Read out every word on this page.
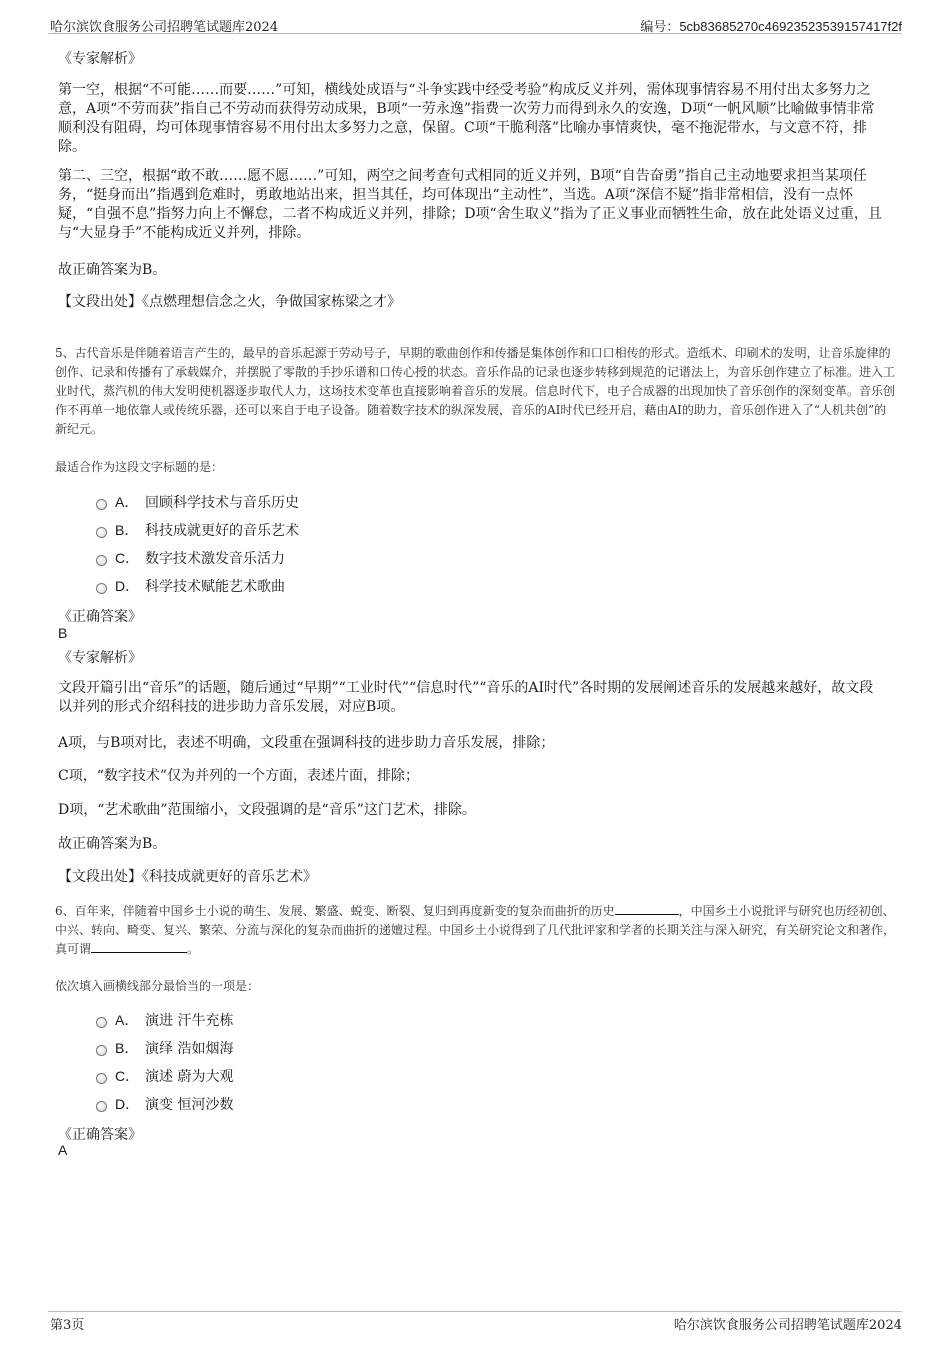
哈尔滨饮食服务公司招聘笔试题库2024	编号：5cb83685270c46923523539157417f2f
《专家解析》
第一空，根据“不可能……而要……”可知，横线处成语与“斗争实践中经受考验”构成反义并列，需体现事情容易不用付出太多努力之意，A项“不劳而获”指自己不劳动而获得劳动成果，B项“一劳永逸”指费一次劳力而得到永久的安逸，D项“一帆风顺”比喻做事情非常顺利没有阻碍，均可体现事情容易不用付出太多努力之意，保留。C项“干脆利落”比喻办事情爽快，毫不拖泥带水，与文意不符，排除。
第二、三空，根据“敢不敢……愿不愿……”可知，两空之间考查句式相同的近义并列，B项“自告奋勇”指自己主动地要求担当某项任务，“挺身而出”指遇到危难时，勇敢地站出来，担当其任，均可体现出“主动性”，当选。A项“深信不疑”指非常相信，没有一点怀疑，“自强不息”指努力向上不懈怠，二者不构成近义并列，排除；D项“舍生取义”指为了正义事业而牺牲生命，放在此处语义过重，且与“大显身手”不能构成近义并列，排除。
故正确答案为B。
【文段出处】《点燃理想信念之火，争做国家栋梁之才》
5、古代音乐是伴随着语言产生的，最早的音乐起源于劳动号子，早期的歌曲创作和传播是集体创作和口口相传的形式。造纸术、印刷术的发明，让音乐旋律的创作、记录和传播有了承载媒介，并摆脱了零散的手抄乐谱和口传心授的状态。音乐作品的记录也逐步转移到规范的记谱法上，为音乐创作建立了标准。进入工业时代，蒸汽机的伟大发明使机器逐步取代人力，这场技术变革也直接影响着音乐的发展。信息时代下，电子合成器的出现加快了音乐创作的深刻变革。音乐创作不再单一地依靠人或传统乐器，还可以来自于电子设备。随着数字技术的纵深发展，音乐的AI时代已经开启，藉由AI的助力，音乐创作进入了“人机共创”的新纪元。
最适合作为这段文字标题的是：
A． 回顾科学技术与音乐历史
B． 科技成就更好的音乐艺术
C． 数字技术激发音乐活力
D． 科学技术赋能艺术歌曲
《正确答案》
B
《专家解析》
文段开篇引出“音乐”的话题，随后通过“早期”“工业时代”“信息时代”“音乐的AI时代”各时期的发展阐述音乐的发展越来越好，故文段以并列的形式介绍科技的进步助力音乐发展，对应B项。
A项，与B项对比，表述不明确，文段重在强调科技的进步助力音乐发展，排除；
C项，“数字技术”仅为并列的一个方面，表述片面，排除；
D项，“艺术歌曲”范围缩小，文段强调的是“音乐”这门艺术，排除。
故正确答案为B。
【文段出处】《科技成就更好的音乐艺术》
6、百年来，伴随着中国乡土小说的萌生、发展、繁盛、蜕变、断裂、复归到再度新变的复杂而曲折的历史	，中国乡土小说批评与研究也历经初创、中兴、转向、畸变、复兴、繁荣、分流与深化的复杂而曲折的递嬗过程。中国乡土小说得到了几代批评家和学者的长期关注与深入研究，有关研究论文和著作，真可谓	。
依次填入画横线部分最恰当的一项是：
A． 演进 汗牛充栋
B． 演绎 浩如烟海
C． 演述 蔚为大观
D． 演变 恒河沙数
《正确答案》
A
第3页	哈尔滨饮食服务公司招聘笔试题库2024
